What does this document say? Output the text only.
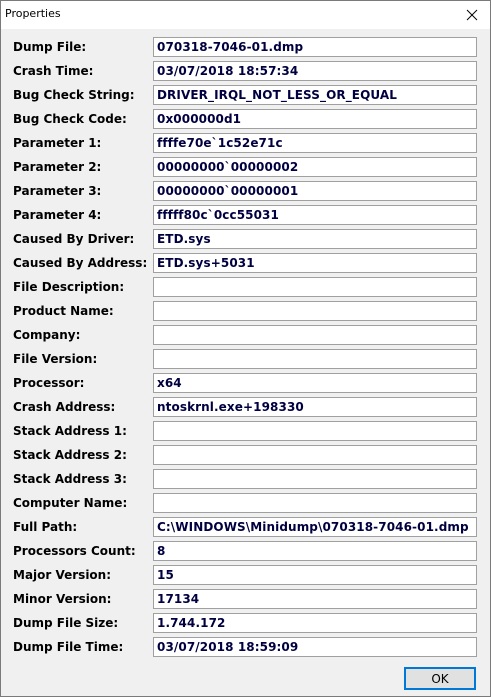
Properties
Dump File:	070318-7046-01.dmp
Crash Time:	03/07/2018 18:57:34
Bug Check String: DRIVER_IRQL_NOT_LESS_OR_EQUAL
Bug Check Code:	0x000000d1
Parameter 1:	ffffe70e`1c52e71c
Parameter 2:	00000000`00000002
Parameter 3:	00000000`00000001
Parameter 4:	fffff80c`0cc55031
Caused By Driver: ETD.sys
Caused By Address: ETD.sys+5031
File Description:
Product Name:
Company:
File Version:
Processor:	x64
Crash Address:	ntoskrnl.exe+198330
Stack Address 1:
Stack Address 2:
Stack Address 3:
Computer Name:
Full Path:	C:\WINDOWS\Minidump\070318-7046-01.dmp
Processors Count: 8
Major Version:	15
Minor Version:	17134
Dump File Size:	1.744.172
Dump File Time:	03/07/2018 18:59:09
OK
